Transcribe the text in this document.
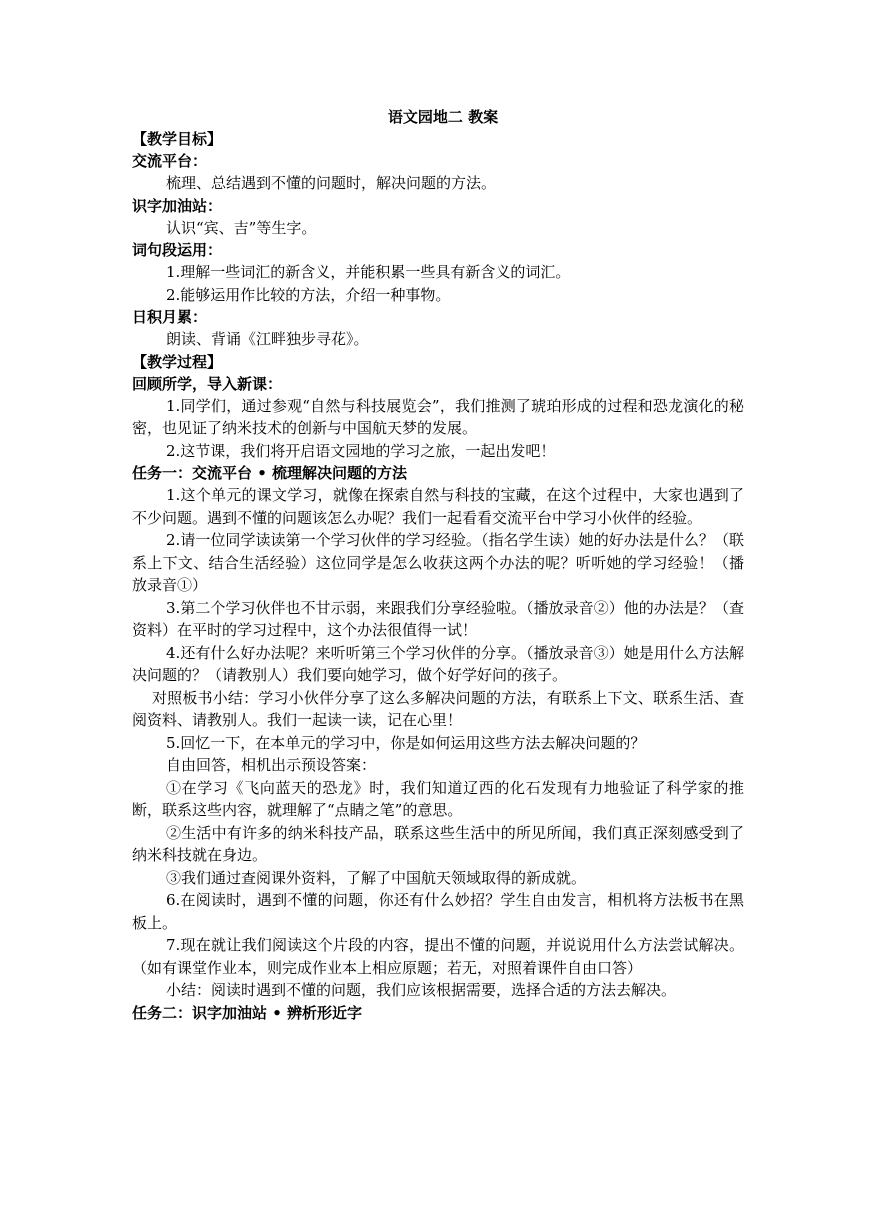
语文园地二 教案
【教学目标】
交流平台：

梳理、总结遇到不懂的问题时，解决问题的方法。

识字加油站：

认识“宾、吉”等生字。

词句段运用：

1.理解一些词汇的新含义，并能积累一些具有新含义的词汇。

2.能够运用作比较的方法，介绍一种事物。

日积月累：

朗读、背诵《江畔独步寻花》。

【教学过程】
回顾所学，导入新课：

1.同学们，通过参观“自然与科技展览会”，我们推测了琥珀形成的过程和恐龙演化的秘密，也见证了纳米技术的创新与中国航天梦的发展。

2.这节课，我们将开启语文园地的学习之旅，一起出发吧！

任务一：交流平台 • 梳理解决问题的方法

1.这个单元的课文学习，就像在探索自然与科技的宝藏，在这个过程中，大家也遇到了不少问题。遇到不懂的问题该怎么办呢？我们一起看看交流平台中学习小伙伴的经验。

2.请一位同学读读第一个学习伙伴的学习经验。（指名学生读）她的好办法是什么？（联系上下文、结合生活经验）这位同学是怎么收获这两个办法的呢？听听她的学习经验！（播放录音①）

3.第二个学习伙伴也不甘示弱，来跟我们分享经验啦。（播放录音②）他的办法是？（查资料）在平时的学习过程中，这个办法很值得一试！

4.还有什么好办法呢？来听听第三个学习伙伴的分享。（播放录音③）她是用什么方法解决问题的？（请教别人）我们要向她学习，做个好学好问的孩子。

对照板书小结：学习小伙伴分享了这么多解决问题的方法，有联系上下文、联系生活、查阅资料、请教别人。我们一起读一读，记在心里！

5.回忆一下，在本单元的学习中，你是如何运用这些方法去解决问题的？

自由回答，相机出示预设答案：

①在学习《飞向蓝天的恐龙》时，我们知道辽西的化石发现有力地验证了科学家的推断，联系这些内容，就理解了“点睛之笔”的意思。

②生活中有许多的纳米科技产品，联系这些生活中的所见所闻，我们真正深刻感受到了纳米科技就在身边。

③我们通过查阅课外资料，了解了中国航天领域取得的新成就。

6.在阅读时，遇到不懂的问题，你还有什么妙招？学生自由发言，相机将方法板书在黑板上。

7.现在就让我们阅读这个片段的内容，提出不懂的问题，并说说用什么方法尝试解决。（如有课堂作业本，则完成作业本上相应原题；若无，对照着课件自由口答）

小结：阅读时遇到不懂的问题，我们应该根据需要，选择合适的方法去解决。

任务二：识字加油站 • 辨析形近字
